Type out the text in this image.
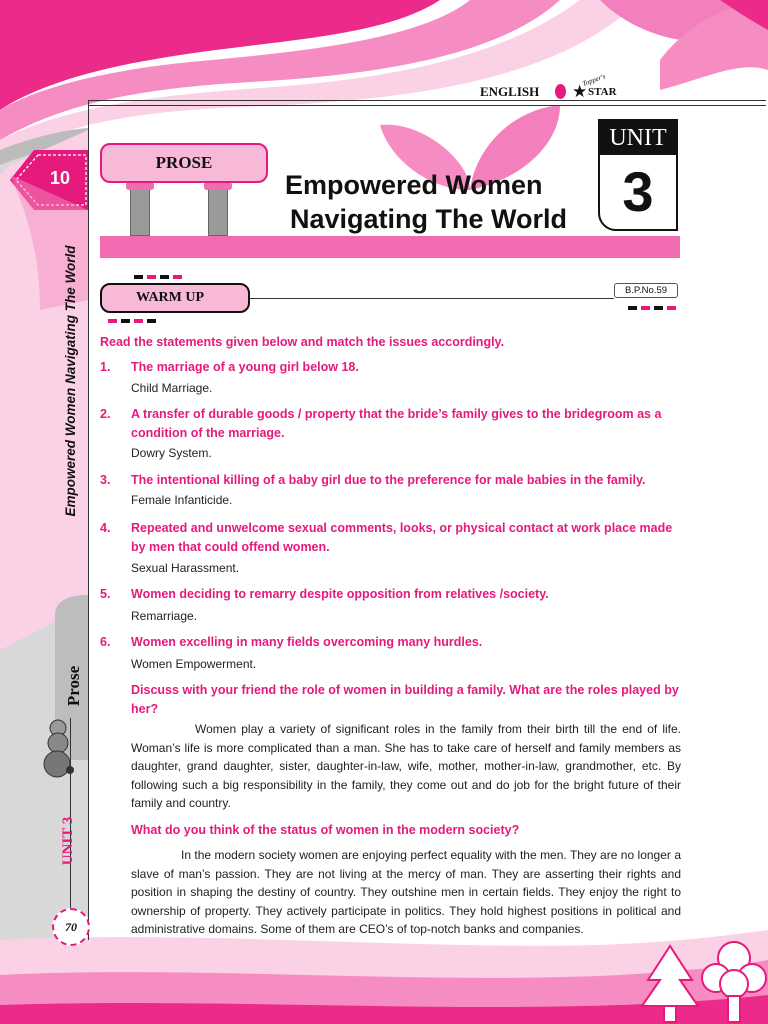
ENGLISH
Topper's
★ STAR
10
Empowered Women Navigating The World
Prose
UNIT 3
70
PROSE
Empowered Women
Navigating The World
UNIT
3
WARM UP	B.P.No.59
Read the statements given below and match the issues accordingly.
1. The marriage of a young girl below 18.
Child Marriage.
2. A transfer of durable goods / property that the bride’s family gives to the bridegroom as a condition of the marriage.
Dowry System.
3. The intentional killing of a baby girl due to the preference for male babies in the family.
Female Infanticide.
4. Repeated and unwelcome sexual comments, looks, or physical contact at work place made by men that could offend women.
Sexual Harassment.
5. Women deciding to remarry despite opposition from relatives /society.
Remarriage.
6. Women excelling in many fields overcoming many hurdles.
Women Empowerment.
Discuss with your friend the role of women in building a family. What are the roles played by her?
Women play a variety of significant roles in the family from their birth till the end of life. Woman’s life is more complicated than a man. She has to take care of herself and family members as daughter, grand daughter, sister, daughter-in-law, wife, mother, mother-in-law, grandmother, etc. By following such a big responsibility in the family, they come out and do job for the bright future of their family and country.
What do you think of the status of women in the modern society?
In the modern society women are enjoying perfect equality with the men. They are no longer a slave of man’s passion. They are not living at the mercy of man. They are asserting their rights and position in shaping the destiny of country. They outshine men in certain fields. They enjoy the right to ownership of property. They actively participate in politics. They hold highest positions in political and administrative domains. Some of them are CEO’s of top-notch banks and companies.
